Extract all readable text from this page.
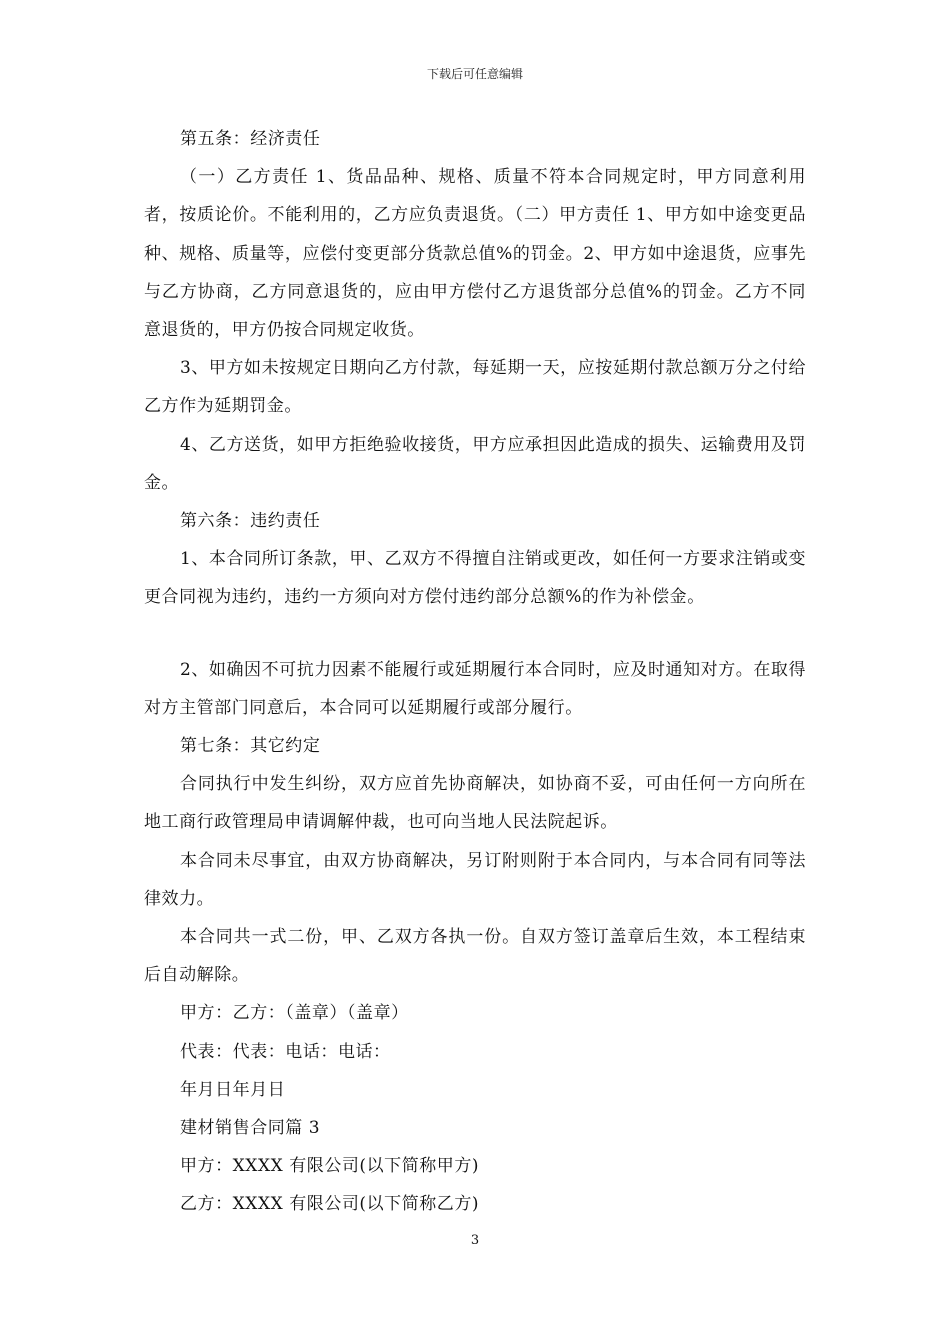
下载后可任意编辑

第五条：经济责任

（一）乙方责任 1、货品品种、规格、质量不符本合同规定时，甲方同意利用者，按质论价。不能利用的，乙方应负责退货。（二）甲方责任 1、甲方如中途变更品种、规格、质量等，应偿付变更部分货款总值%的罚金。2、甲方如中途退货，应事先与乙方协商，乙方同意退货的，应由甲方偿付乙方退货部分总值%的罚金。乙方不同意退货的，甲方仍按合同规定收货。

3、甲方如未按规定日期向乙方付款，每延期一天，应按延期付款总额万分之付给乙方作为延期罚金。

4、乙方送货，如甲方拒绝验收接货，甲方应承担因此造成的损失、运输费用及罚金。

第六条：违约责任

1、本合同所订条款，甲、乙双方不得擅自注销或更改，如任何一方要求注销或变更合同视为违约，违约一方须向对方偿付违约部分总额%的作为补偿金。

2、如确因不可抗力因素不能履行或延期履行本合同时，应及时通知对方。在取得对方主管部门同意后，本合同可以延期履行或部分履行。

第七条：其它约定

合同执行中发生纠纷，双方应首先协商解决，如协商不妥，可由任何一方向所在地工商行政管理局申请调解仲裁，也可向当地人民法院起诉。

本合同未尽事宜，由双方协商解决，另订附则附于本合同内，与本合同有同等法律效力。

本合同共一式二份，甲、乙双方各执一份。自双方签订盖章后生效，本工程结束后自动解除。

甲方：乙方：（盖章）（盖章）

代表：代表：电话：电话：

年月日年月日

建材销售合同篇 3

甲方：XXXX 有限公司(以下简称甲方)

乙方：XXXX 有限公司(以下简称乙方)

3
